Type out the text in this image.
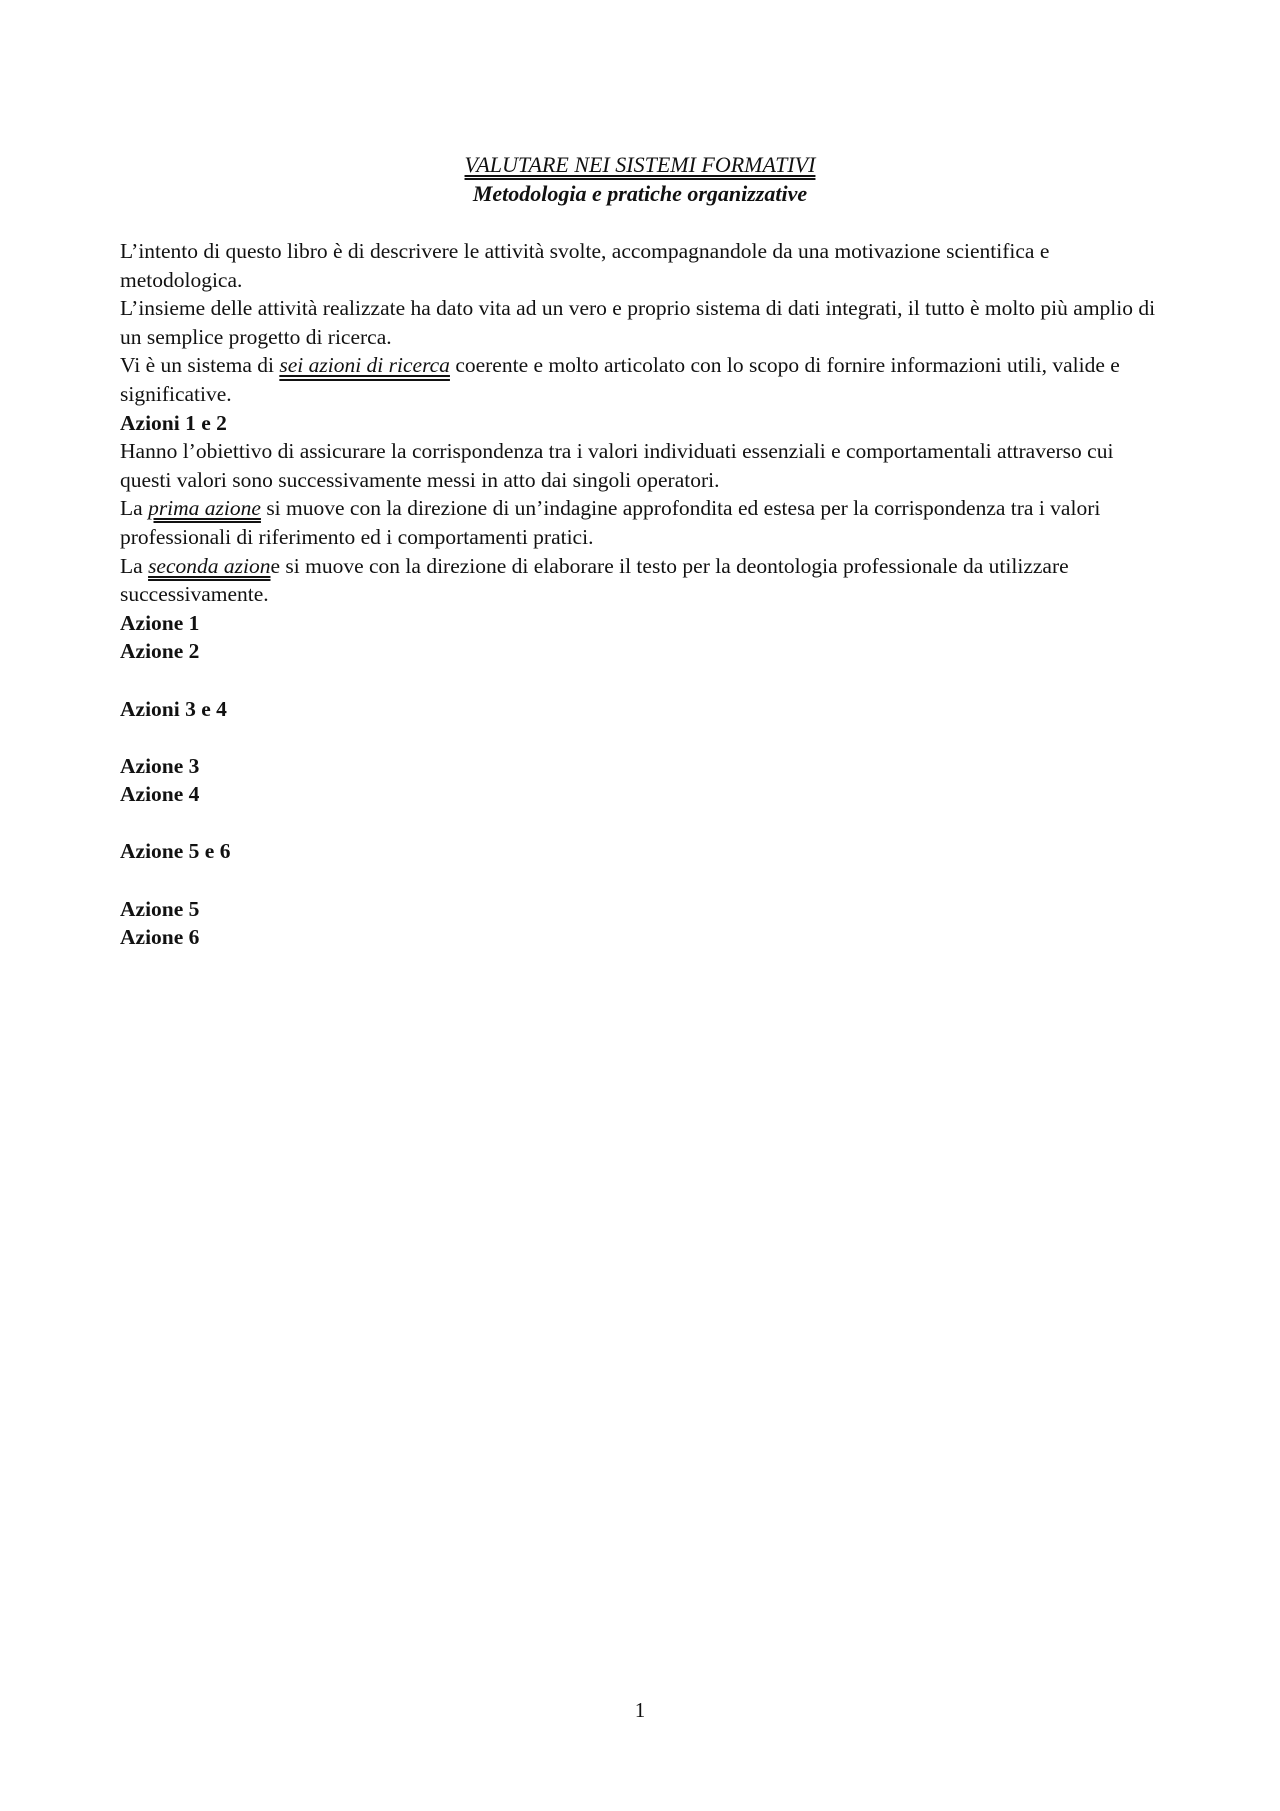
VALUTARE NEI SISTEMI FORMATIVI
Metodologia e pratiche organizzative

L’intento di questo libro è di descrivere le attività svolte, accompagnandole da una motivazione scientifica e metodologica.

L’insieme delle attività realizzate ha dato vita ad un vero e proprio sistema di dati integrati, il tutto è molto più amplio di un semplice progetto di ricerca.

Vi è un sistema di sei azioni di ricerca coerente e molto articolato con lo scopo di fornire informazioni utili, valide e significative.

Azioni 1 e 2

Hanno l’obiettivo di assicurare la corrispondenza tra i valori individuati essenziali e comportamentali attraverso cui questi valori sono successivamente messi in atto dai singoli operatori.

La prima azione si muove con la direzione di un’indagine approfondita ed estesa per la corrispondenza tra i valori professionali di riferimento ed i comportamenti pratici.

La seconda azione si muove con la direzione di elaborare il testo per la deontologia professionale da utilizzare successivamente.

Azione 1

Azione 2

Azioni 3 e 4

Azione 3

Azione 4

Azione 5 e 6

Azione 5

Azione 6

1
